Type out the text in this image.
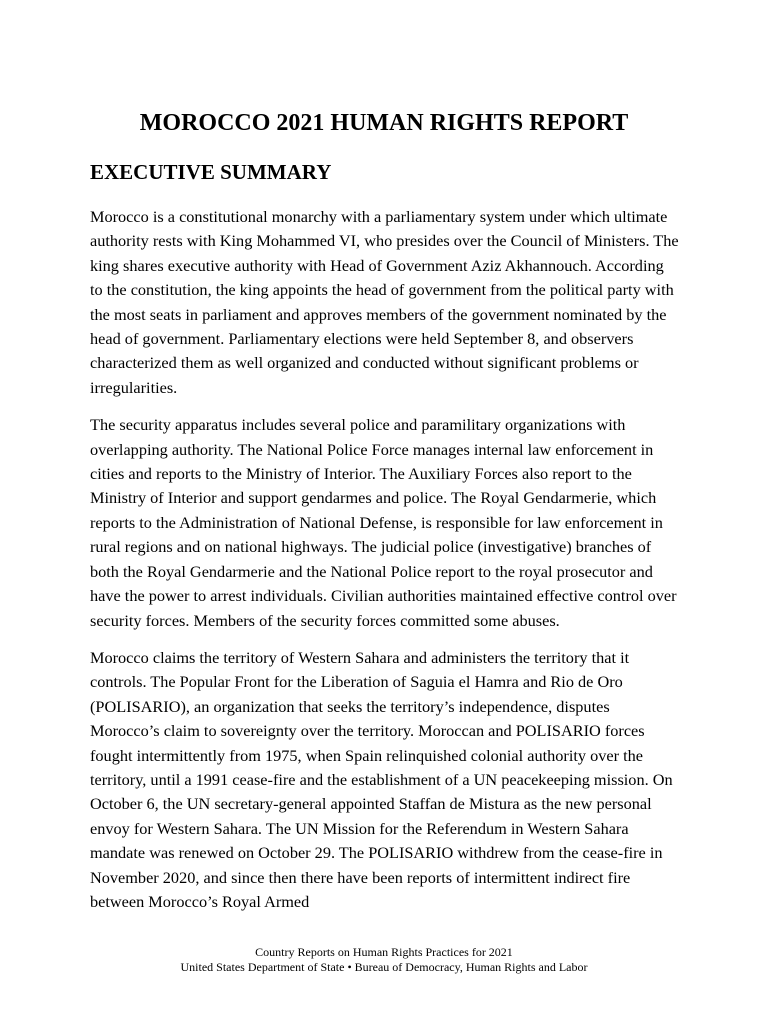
MOROCCO 2021 HUMAN RIGHTS REPORT
EXECUTIVE SUMMARY

Morocco is a constitutional monarchy with a parliamentary system under which ultimate authority rests with King Mohammed VI, who presides over the Council of Ministers. The king shares executive authority with Head of Government Aziz Akhannouch. According to the constitution, the king appoints the head of government from the political party with the most seats in parliament and approves members of the government nominated by the head of government. Parliamentary elections were held September 8, and observers characterized them as well organized and conducted without significant problems or irregularities.

The security apparatus includes several police and paramilitary organizations with overlapping authority. The National Police Force manages internal law enforcement in cities and reports to the Ministry of Interior. The Auxiliary Forces also report to the Ministry of Interior and support gendarmes and police. The Royal Gendarmerie, which reports to the Administration of National Defense, is responsible for law enforcement in rural regions and on national highways. The judicial police (investigative) branches of both the Royal Gendarmerie and the National Police report to the royal prosecutor and have the power to arrest individuals. Civilian authorities maintained effective control over security forces. Members of the security forces committed some abuses.

Morocco claims the territory of Western Sahara and administers the territory that it controls. The Popular Front for the Liberation of Saguia el Hamra and Rio de Oro (POLISARIO), an organization that seeks the territory’s independence, disputes Morocco’s claim to sovereignty over the territory. Moroccan and POLISARIO forces fought intermittently from 1975, when Spain relinquished colonial authority over the territory, until a 1991 cease-fire and the establishment of a UN peacekeeping mission. On October 6, the UN secretary-general appointed Staffan de Mistura as the new personal envoy for Western Sahara. The UN Mission for the Referendum in Western Sahara mandate was renewed on October 29. The POLISARIO withdrew from the cease-fire in November 2020, and since then there have been reports of intermittent indirect fire between Morocco’s Royal Armed

Country Reports on Human Rights Practices for 2021
United States Department of State • Bureau of Democracy, Human Rights and Labor
